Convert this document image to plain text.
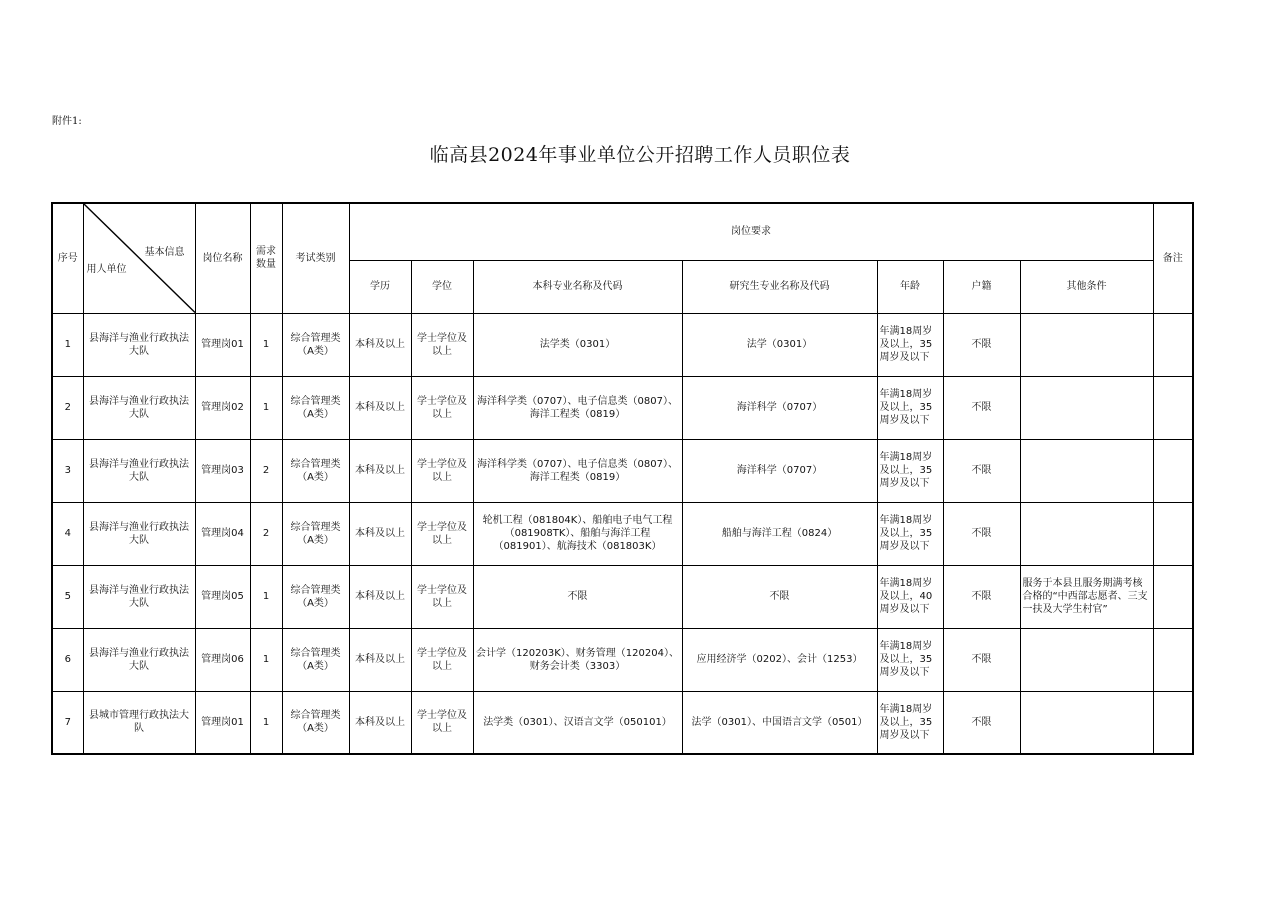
附件1:
临高县2024年事业单位公开招聘工作人员职位表
序号	基本信息
用人单位	岗位名称	需求数量	考试类别	岗位要求							备注
					学历	学位	本科专业名称及代码	研究生专业名称及代码	年龄	户籍	其他条件	
1	县海洋与渔业行政执法大队	管理岗01	1	综合管理类（A类）	本科及以上	学士学位及以上	法学类（0301）	法学（0301）	年满18周岁及以上，35周岁及以下	不限		
2	县海洋与渔业行政执法大队	管理岗02	1	综合管理类（A类）	本科及以上	学士学位及以上	海洋科学类（0707）、电子信息类（0807）、海洋工程类（0819）	海洋科学（0707）	年满18周岁及以上，35周岁及以下	不限		
3	县海洋与渔业行政执法大队	管理岗03	2	综合管理类（A类）	本科及以上	学士学位及以上	海洋科学类（0707）、电子信息类（0807）、海洋工程类（0819）	海洋科学（0707）	年满18周岁及以上，35周岁及以下	不限		
4	县海洋与渔业行政执法大队	管理岗04	2	综合管理类（A类）	本科及以上	学士学位及以上	轮机工程（081804K）、船舶电子电气工程（081908TK）、船舶与海洋工程（081901）、航海技术（081803K）	船舶与海洋工程（0824）	年满18周岁及以上，35周岁及以下	不限		
5	县海洋与渔业行政执法大队	管理岗05	1	综合管理类（A类）	本科及以上	学士学位及以上	不限	不限	年满18周岁及以上，40周岁及以下	不限	服务于本县且服务期满考核合格的“中西部志愿者、三支一扶及大学生村官”	
6	县海洋与渔业行政执法大队	管理岗06	1	综合管理类（A类）	本科及以上	学士学位及以上	会计学（120203K）、财务管理（120204）、财务会计类（3303）	应用经济学（0202）、会计（1253）	年满18周岁及以上，35周岁及以下	不限		
7	县城市管理行政执法大队	管理岗01	1	综合管理类（A类）	本科及以上	学士学位及以上	法学类（0301）、汉语言文学（050101）	法学（0301）、中国语言文学（0501）	年满18周岁及以上，35周岁及以下	不限		
